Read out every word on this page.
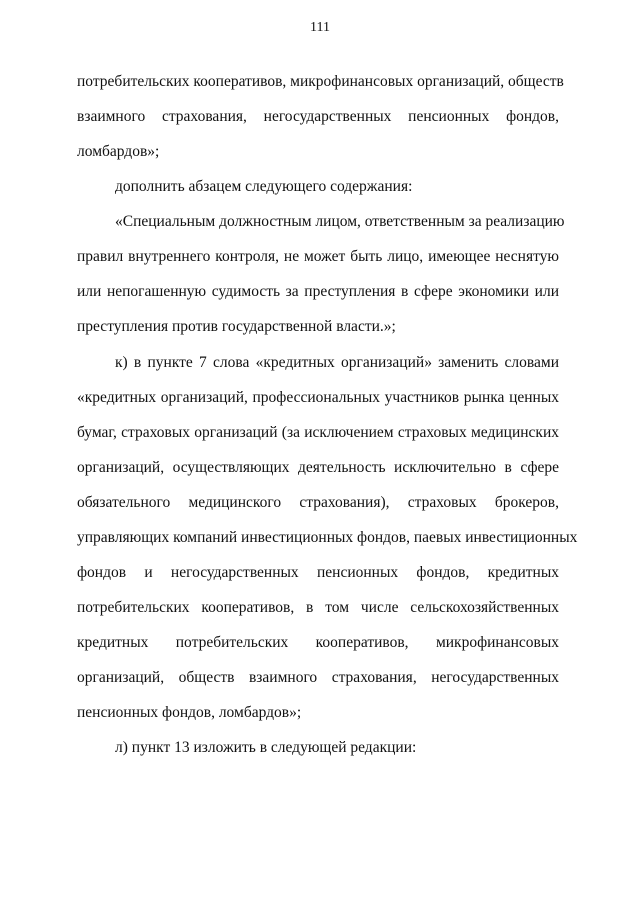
111
потребительских кооперативов, микрофинансовых организаций, обществ
взаимного страхования, негосударственных пенсионных фондов,
ломбардов»;
дополнить абзацем следующего содержания:
«Специальным должностным лицом, ответственным за реализацию
правил внутреннего контроля, не может быть лицо, имеющее неснятую
или непогашенную судимость за преступления в сфере экономики или
преступления против государственной власти.»;
к) в пункте 7 слова «кредитных организаций» заменить словами
«кредитных организаций, профессиональных участников рынка ценных
бумаг, страховых организаций (за исключением страховых медицинских
организаций, осуществляющих деятельность исключительно в сфере
обязательного медицинского страхования), страховых брокеров,
управляющих компаний инвестиционных фондов, паевых инвестиционных
фондов и негосударственных пенсионных фондов, кредитных
потребительских кооперативов, в том числе сельскохозяйственных
кредитных потребительских кооперативов, микрофинансовых
организаций, обществ взаимного страхования, негосударственных
пенсионных фондов, ломбардов»;
л) пункт 13 изложить в следующей редакции:
